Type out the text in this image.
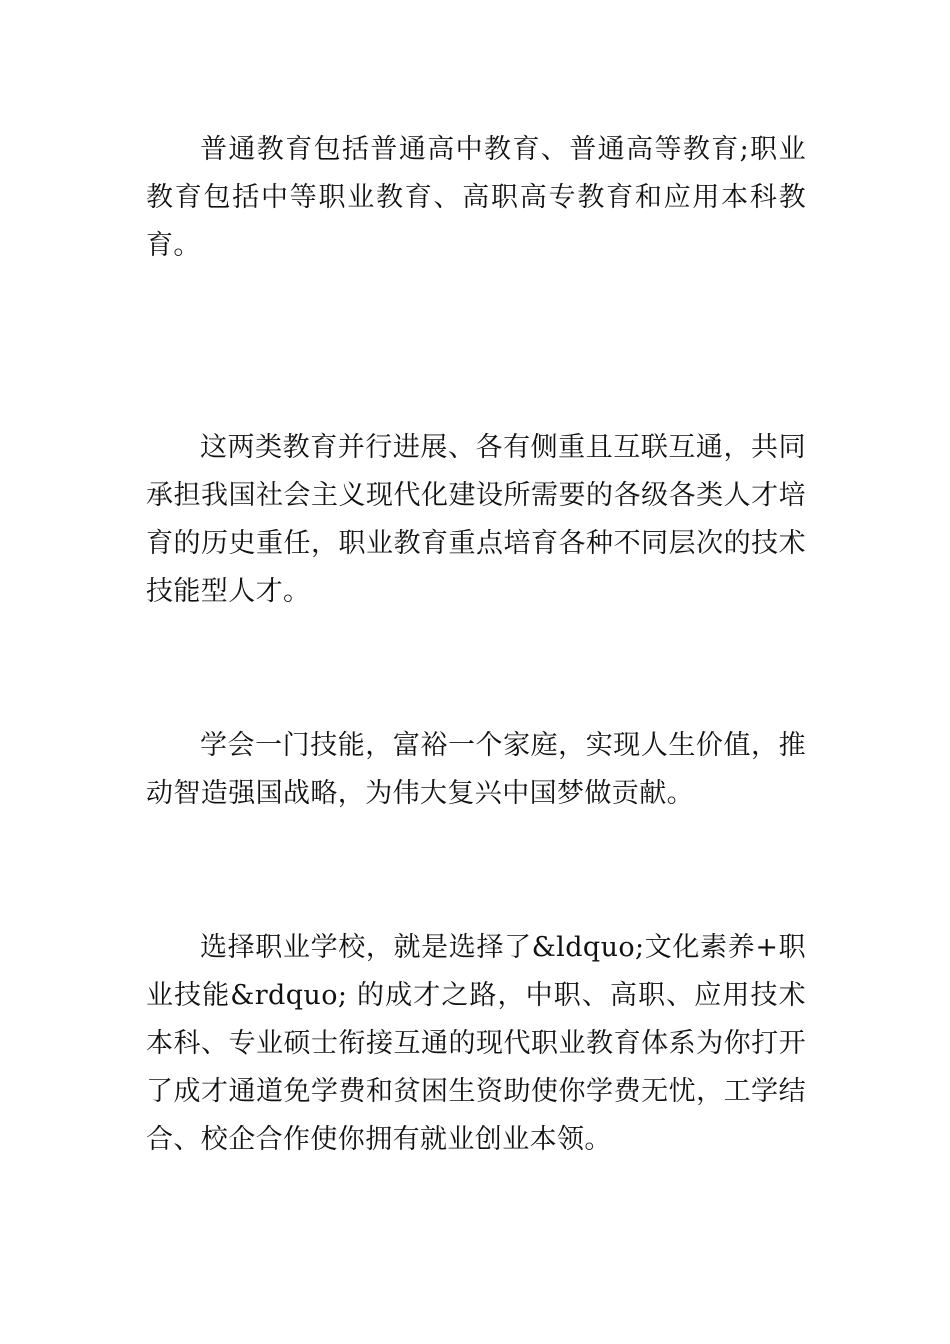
普通教育包括普通高中教育、普通高等教育;职业教育包括中等职业教育、高职高专教育和应用本科教育。

这两类教育并行进展、各有侧重且互联互通，共同承担我国社会主义现代化建设所需要的各级各类人才培育的历史重任，职业教育重点培育各种不同层次的技术技能型人才。

学会一门技能，富裕一个家庭，实现人生价值，推动智造强国战略，为伟大复兴中国梦做贡献。

选择职业学校，就是选择了&ldquo;文化素养+职业技能&rdquo; 的成才之路，中职、高职、应用技术本科、专业硕士衔接互通的现代职业教育体系为你打开了成才通道免学费和贫困生资助使你学费无忧，工学结合、校企合作使你拥有就业创业本领。
